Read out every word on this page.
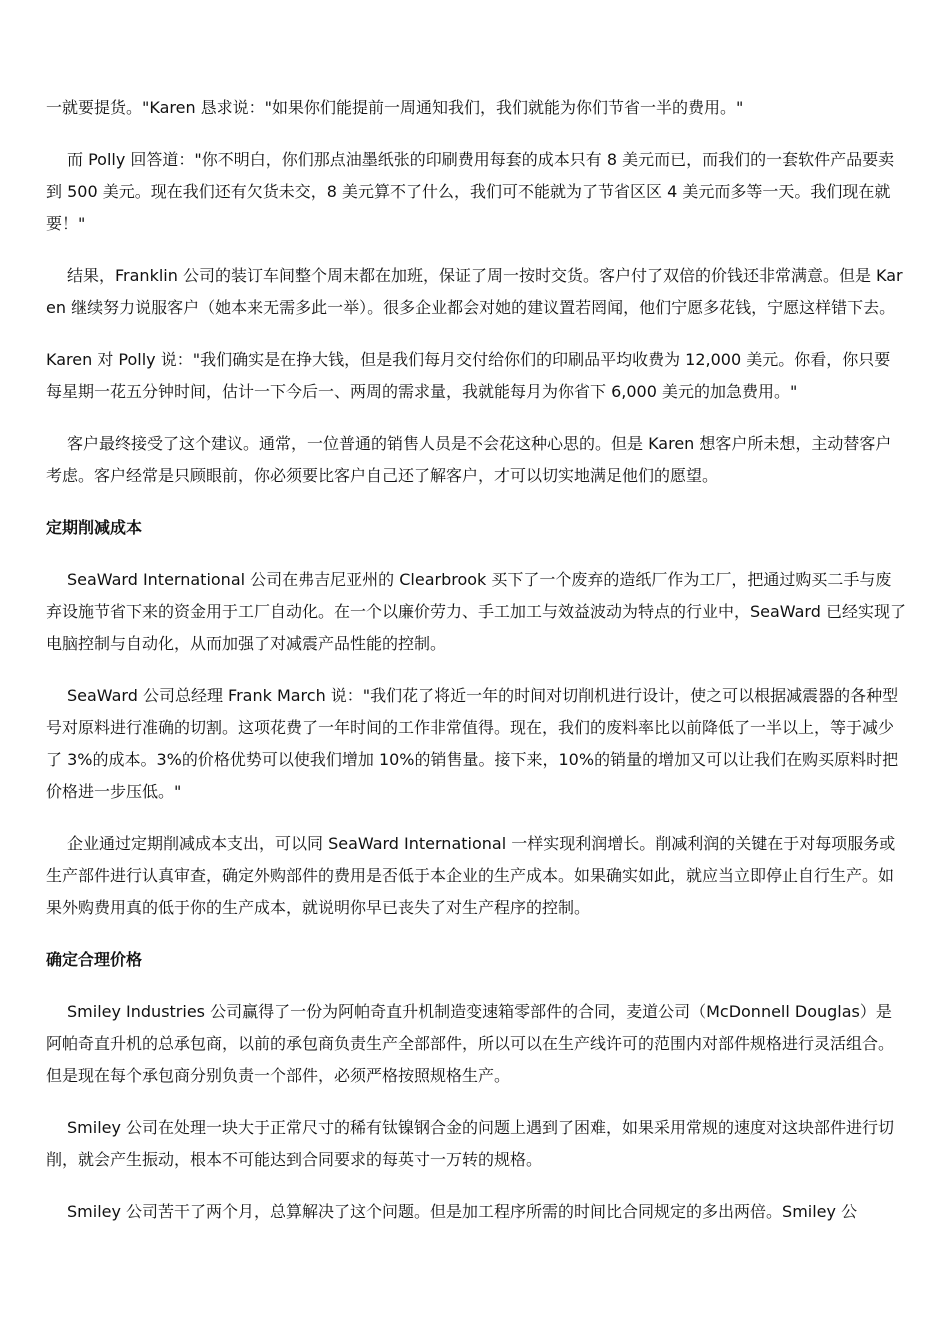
一就要提货。"Karen 恳求说："如果你们能提前一周通知我们，我们就能为你们节省一半的费用。"

而 Polly 回答道："你不明白，你们那点油墨纸张的印刷费用每套的成本只有 8 美元而已，而我们的一套软件产品要卖到 500 美元。现在我们还有欠货未交，8 美元算不了什么，我们可不能就为了节省区区 4 美元而多等一天。我们现在就要！"

结果，Franklin 公司的装订车间整个周末都在加班，保证了周一按时交货。客户付了双倍的价钱还非常满意。但是 Karen 继续努力说服客户（她本来无需多此一举）。很多企业都会对她的建议置若罔闻，他们宁愿多花钱，宁愿这样错下去。

Karen 对 Polly 说："我们确实是在挣大钱，但是我们每月交付给你们的印刷品平均收费为 12,000 美元。你看，你只要每星期一花五分钟时间，估计一下今后一、两周的需求量，我就能每月为你省下 6,000 美元的加急费用。"

客户最终接受了这个建议。通常，一位普通的销售人员是不会花这种心思的。但是 Karen 想客户所未想，主动替客户考虑。客户经常是只顾眼前，你必须要比客户自己还了解客户，才可以切实地满足他们的愿望。

定期削减成本

SeaWard International 公司在弗吉尼亚州的 Clearbrook 买下了一个废弃的造纸厂作为工厂，把通过购买二手与废弃设施节省下来的资金用于工厂自动化。在一个以廉价劳力、手工加工与效益波动为特点的行业中，SeaWard 已经实现了电脑控制与自动化，从而加强了对减震产品性能的控制。

SeaWard 公司总经理 Frank March 说："我们花了将近一年的时间对切削机进行设计，使之可以根据减震器的各种型号对原料进行准确的切割。这项花费了一年时间的工作非常值得。现在，我们的废料率比以前降低了一半以上，等于减少了 3%的成本。3%的价格优势可以使我们增加 10%的销售量。接下来，10%的销量的增加又可以让我们在购买原料时把价格进一步压低。"

企业通过定期削减成本支出，可以同 SeaWard International 一样实现利润增长。削减利润的关键在于对每项服务或生产部件进行认真审查，确定外购部件的费用是否低于本企业的生产成本。如果确实如此，就应当立即停止自行生产。如果外购费用真的低于你的生产成本，就说明你早已丧失了对生产程序的控制。

确定合理价格

Smiley Industries 公司赢得了一份为阿帕奇直升机制造变速箱零部件的合同，麦道公司（McDonnell Douglas）是阿帕奇直升机的总承包商，以前的承包商负责生产全部部件，所以可以在生产线许可的范围内对部件规格进行灵活组合。但是现在每个承包商分别负责一个部件，必须严格按照规格生产。

Smiley 公司在处理一块大于正常尺寸的稀有钛镍钢合金的问题上遇到了困难，如果采用常规的速度对这块部件进行切削，就会产生振动，根本不可能达到合同要求的每英寸一万转的规格。

Smiley 公司苦干了两个月，总算解决了这个问题。但是加工程序所需的时间比合同规定的多出两倍。Smiley 公
